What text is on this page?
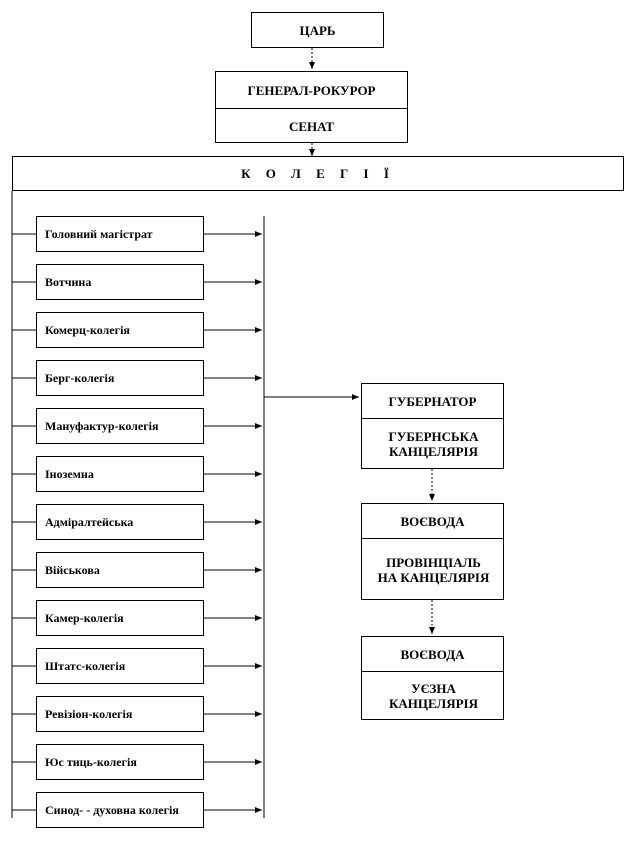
ЦАРЬ
ГЕНЕРАЛ-РОКУРОР
СЕНАТ
К О Л Е Г І Ї
Головний магістрат
Вотчина
Комерц-колегія
Берг-колегія
Мануфактур-колегія
Іноземна
Адміралтейська
Військова
Камер-колегія
Штатс-колегія
Ревізіон-колегія
Юс тиць-колегія
Синод- - духовна колегія
ГУБЕРНАТОР
ГУБЕРНСЬКА КАНЦЕЛЯРІЯ
ВОЄВОДА
ПРОВІНЦІАЛЬ НА КАНЦЕЛЯРІЯ
ВОЄВОДА
УЄЗНА КАНЦЕЛЯРІЯ
